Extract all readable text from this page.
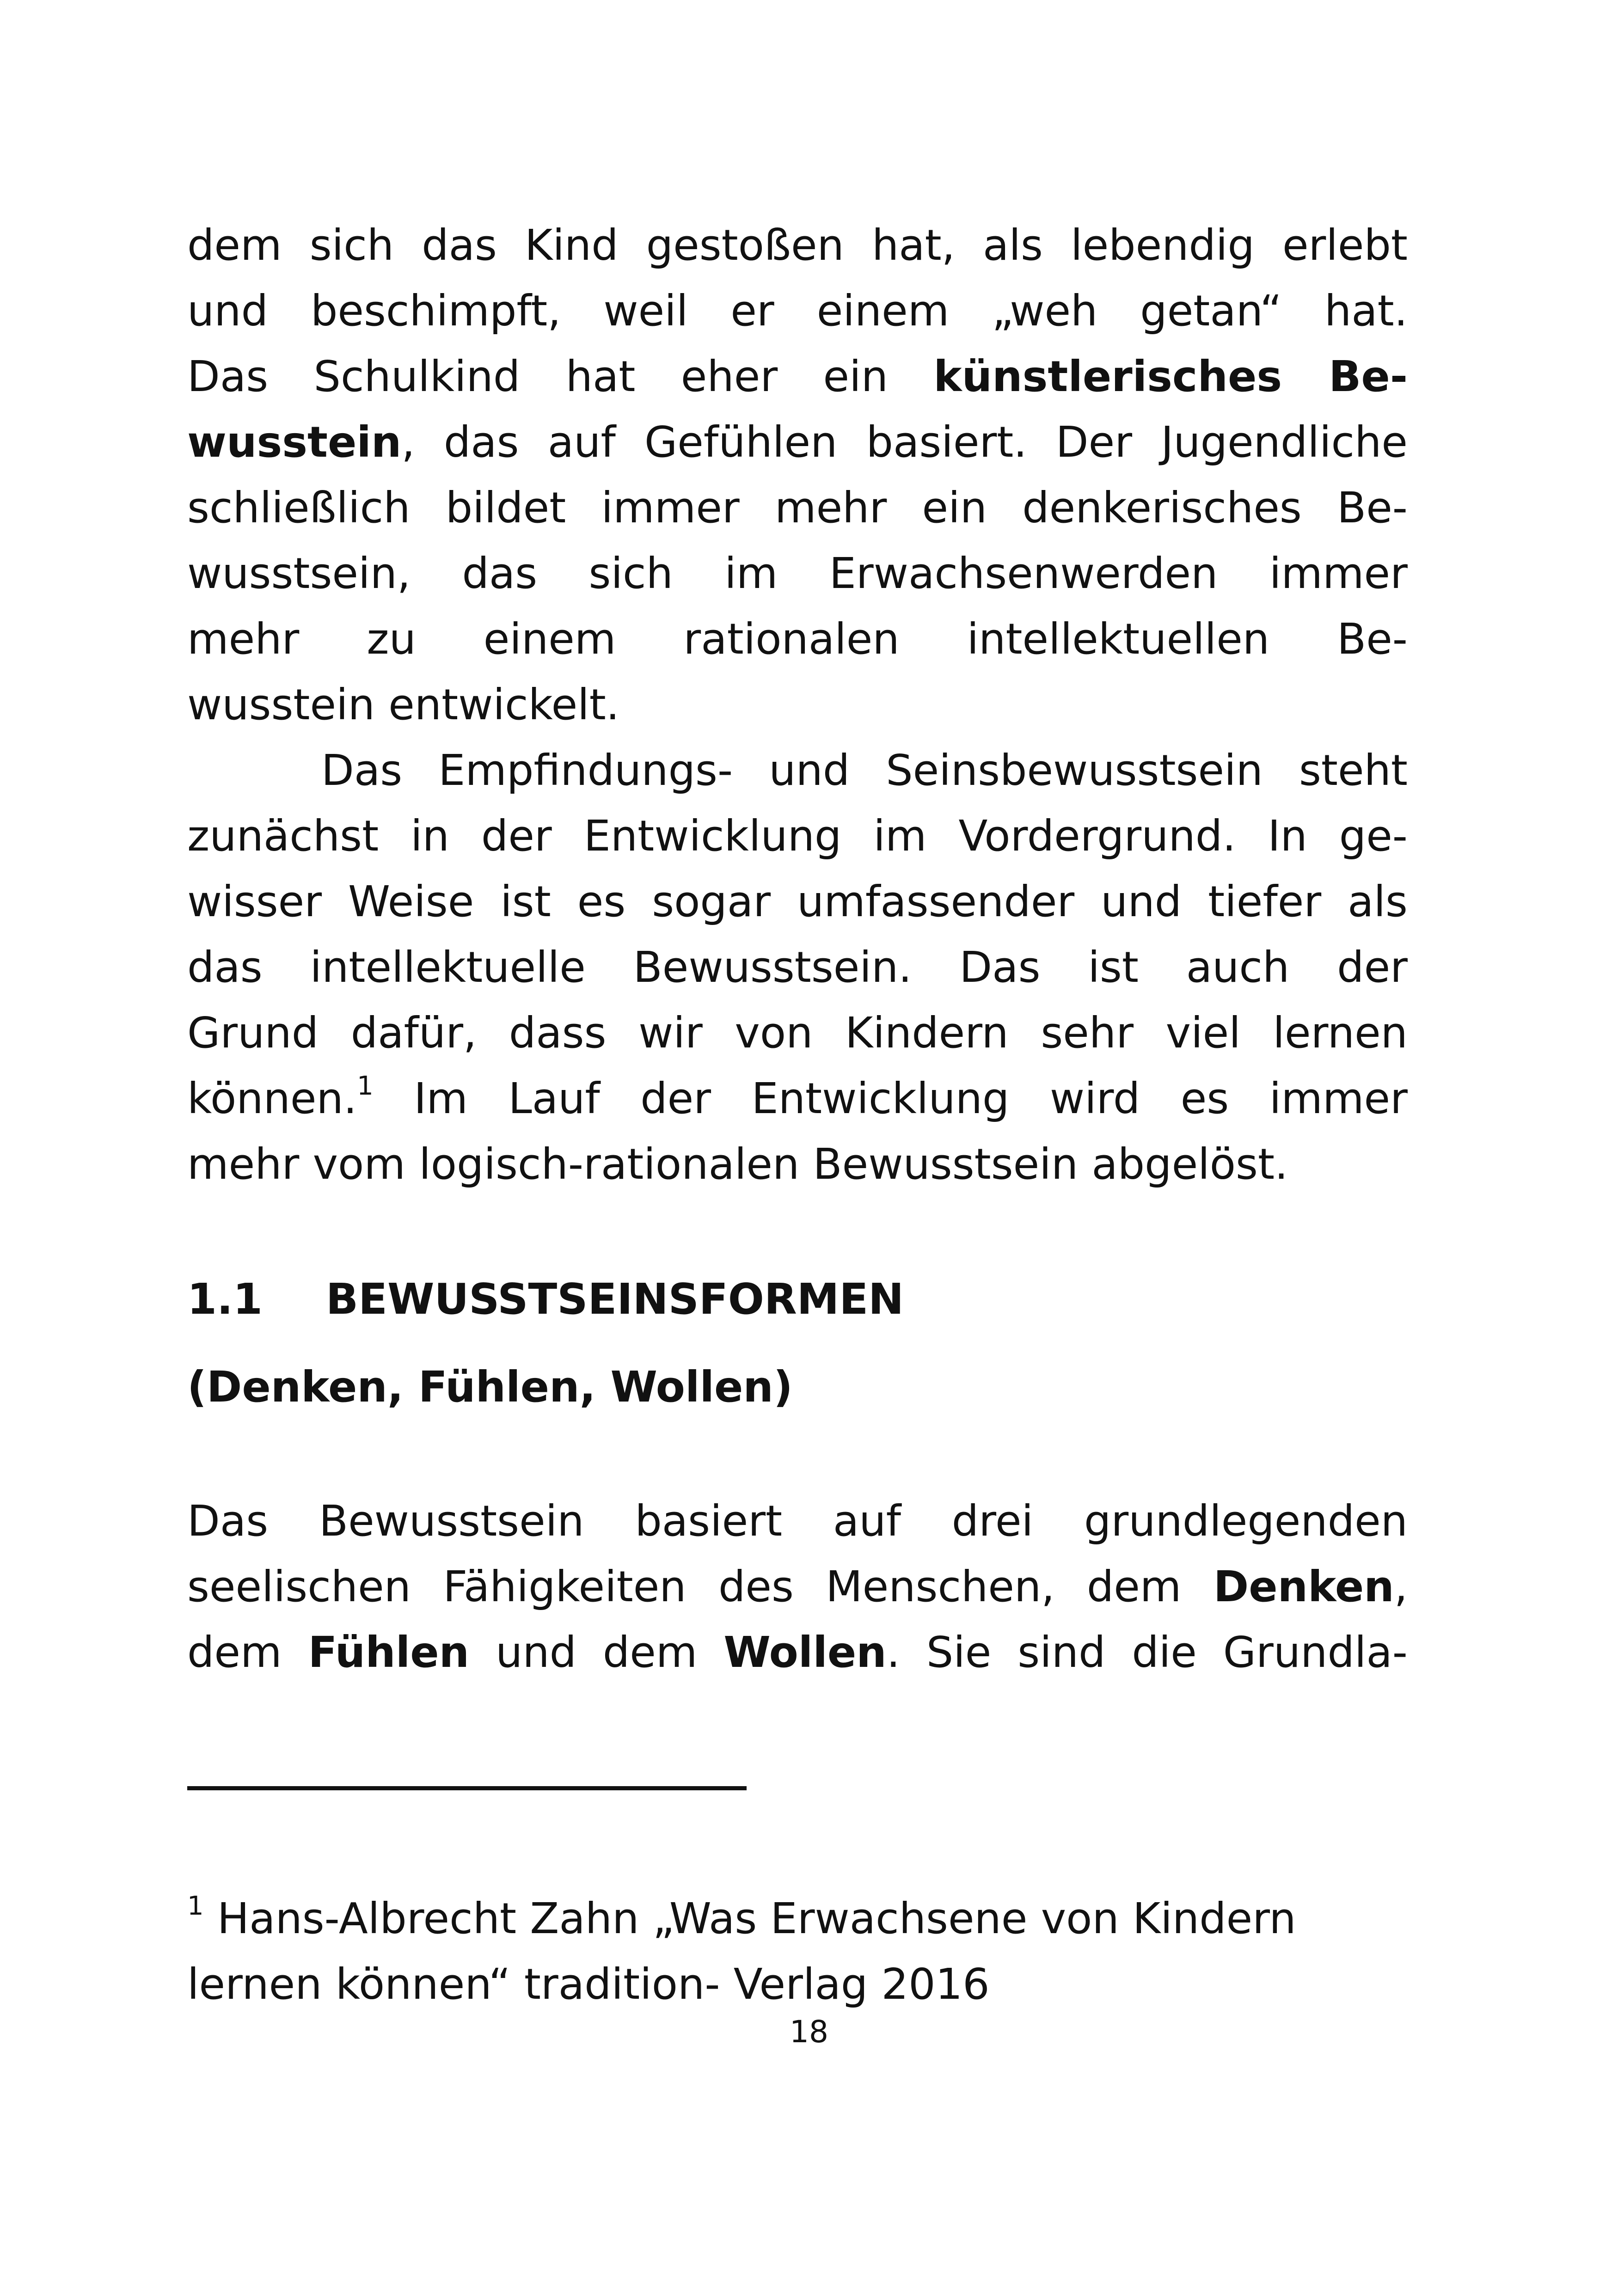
dem sich das Kind gestoßen hat, als lebendig erlebt
und beschimpft, weil er einem „weh getan“ hat.
Das Schulkind hat eher ein künstlerisches Be-
wusstein, das auf Gefühlen basiert. Der Jugendliche
schließlich bildet immer mehr ein denkerisches Be-
wusstsein, das sich im Erwachsenwerden immer
mehr zu einem rationalen intellektuellen Be-
wusstein entwickelt.
Das Empfindungs- und Seinsbewusstsein steht
zunächst in der Entwicklung im Vordergrund. In ge-
wisser Weise ist es sogar umfassender und tiefer als
das intellektuelle Bewusstsein. Das ist auch der
Grund dafür, dass wir von Kindern sehr viel lernen
können.$^1$ Im Lauf der Entwicklung wird es immer
mehr vom logisch-rationalen Bewusstsein abgelöst.
1.1 BEWUSSTSEINSFORMEN
(Denken, Fühlen, Wollen)
Das Bewusstsein basiert auf drei grundlegenden
seelischen Fähigkeiten des Menschen, dem Denken,
dem Fühlen und dem Wollen. Sie sind die Grundla-
$^1$ Hans-Albrecht Zahn „Was Erwachsene von Kindern
lernen können“ tradition- Verlag 2016
18
